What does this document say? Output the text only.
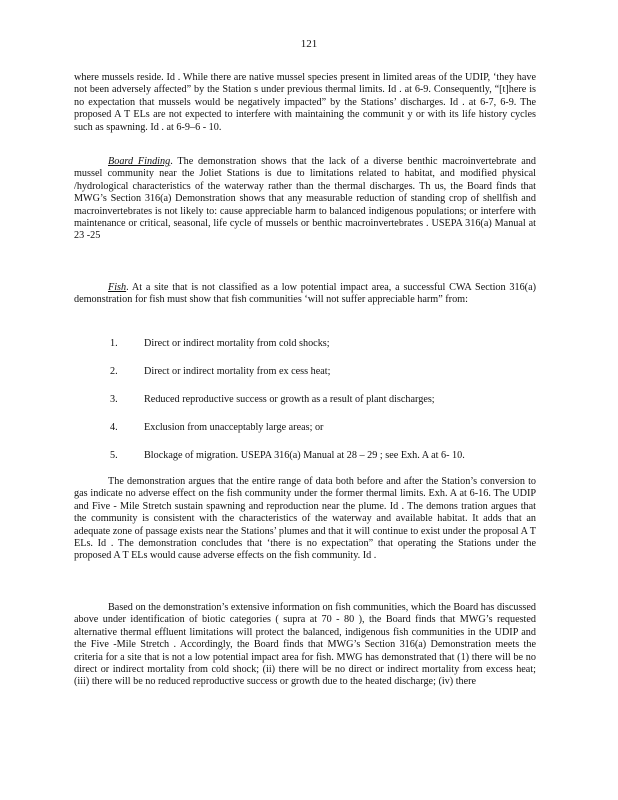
121

where mussels reside. Id . While there are native mussel species present in limited areas of the UDIP, ‘they have not been adversely affected” by the Station s under previous thermal limits. Id . at 6-9. Consequently, “[t]here is no expectation that mussels would be negatively impacted” by the Stations’ discharges. Id . at 6-7, 6-9. The proposed A T ELs are not expected to interfere with maintaining the communit y or with its life history cycles such as spawning. Id . at 6-9–6 - 10.

Board Finding. The demonstration shows that the lack of a diverse benthic macroinvertebrate and mussel community near the Joliet Stations is due to limitations related to habitat, and modified physical /hydrological characteristics of the waterway rather than the thermal discharges. Th us, the Board finds that MWG’s Section 316(a) Demonstration shows that any measurable reduction of standing crop of shellfish and macroinvertebrates is not likely to: cause appreciable harm to balanced indigenous populations; or interfere with maintenance or critical, seasonal, life cycle of mussels or benthic macroinvertebrates . USEPA 316(a) Manual at 23 -25

Fish. At a site that is not classified as a low potential impact area, a successful CWA Section 316(a) demonstration for fish must show that fish communities ‘will not suffer appreciable harm” from:

1.	Direct or indirect mortality from cold shocks;
2.	Direct or indirect mortality from ex cess heat;
3.	Reduced reproductive success or growth as a result of plant discharges;
4.	Exclusion from unacceptably large areas; or
5.	Blockage of migration. USEPA 316(a) Manual at 28 – 29 ; see Exh. A at 6- 10.

The demonstration argues that the entire range of data both before and after the Station’s conversion to gas indicate no adverse effect on the fish community under the former thermal limits. Exh. A at 6-16. The UDIP and Five - Mile Stretch sustain spawning and reproduction near the plume. Id . The demons tration argues that the community is consistent with the characteristics of the waterway and available habitat. It adds that an adequate zone of passage exists near the Stations’ plumes and that it will continue to exist under the proposal A T ELs. Id . The demonstration concludes that ‘there is no expectation” that operating the Stations under the proposed A T ELs would cause adverse effects on the fish community. Id .

Based on the demonstration’s extensive information on fish communities, which the Board has discussed above under identification of biotic categories ( supra at 70 - 80 ), the Board finds that MWG’s requested alternative thermal effluent limitations will protect the balanced, indigenous fish communities in the UDIP and the Five -Mile Stretch . Accordingly, the Board finds that MWG’s Section 316(a) Demonstration meets the criteria for a site that is not a low potential impact area for fish. MWG has demonstrated that (1) there will be no direct or indirect mortality from cold shock; (ii) there will be no direct or indirect mortality from excess heat; (iii) there will be no reduced reproductive success or growth due to the heated discharge; (iv) there
